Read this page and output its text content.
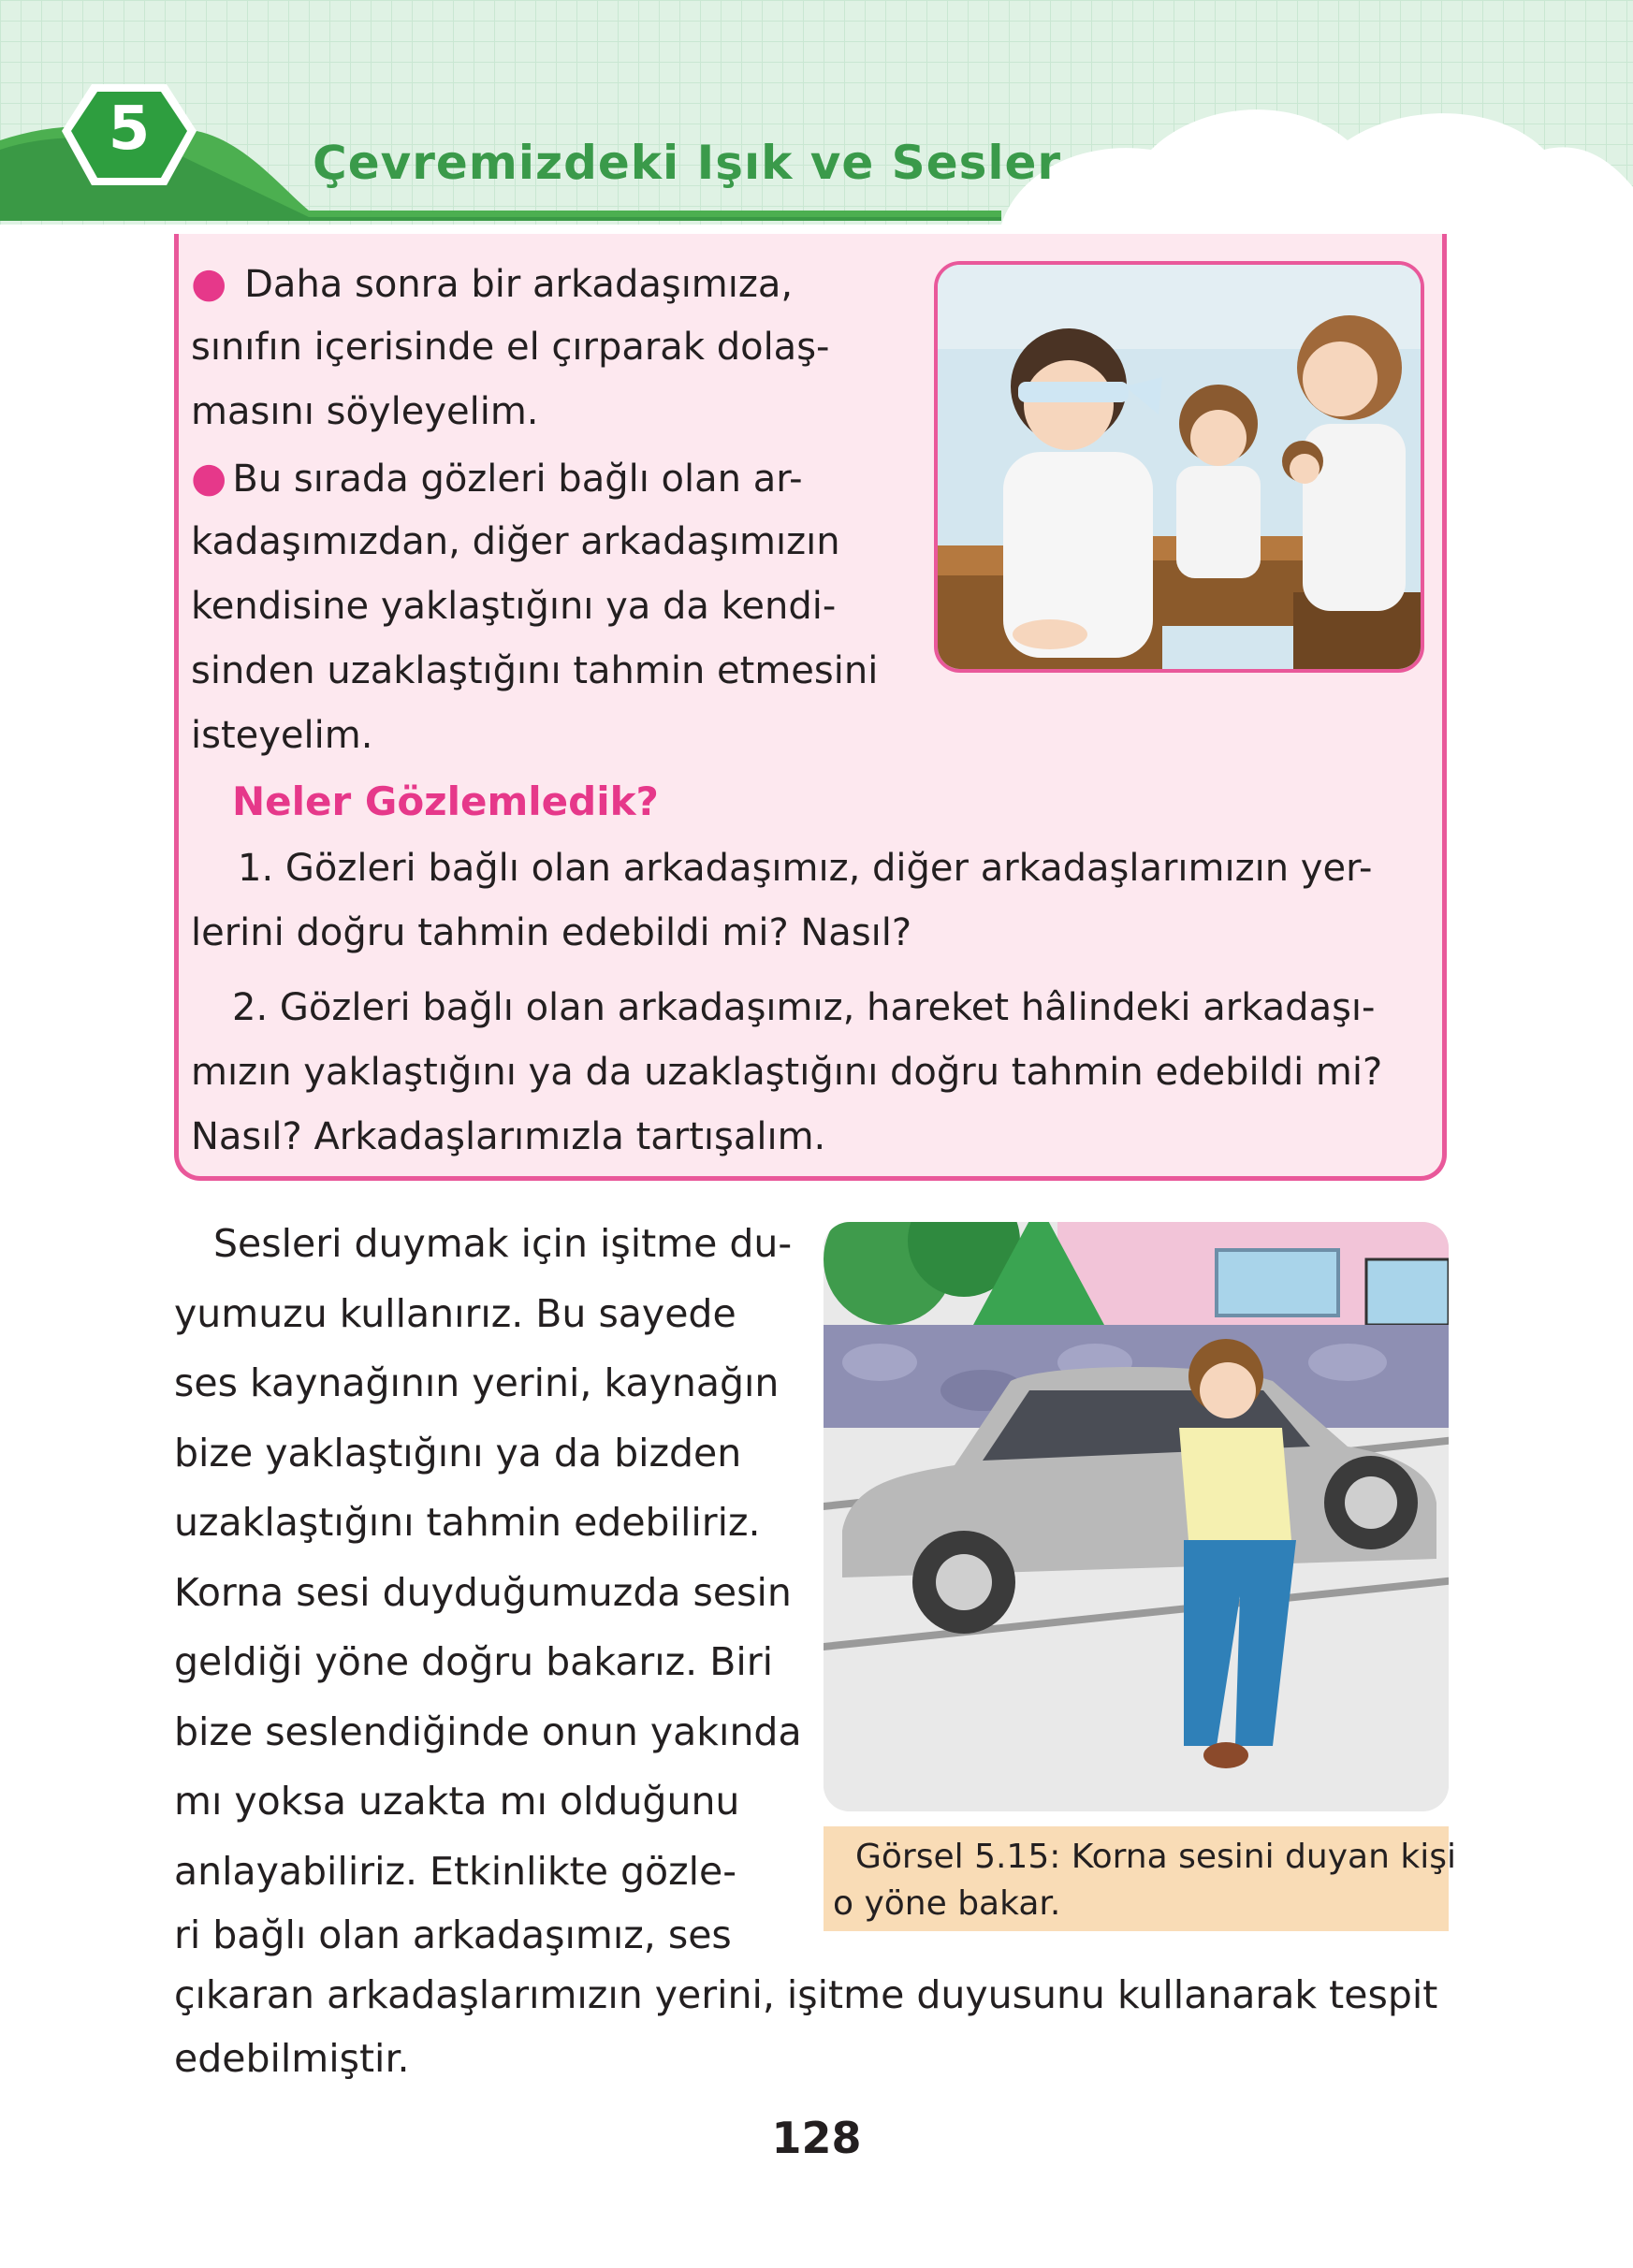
5	Çevremizdeki Işık ve Sesler
● Daha sonra bir arkadaşımıza,
sınıfın içerisinde el çırparak dolaş-
masını söyleyelim.
● Bu sırada gözleri bağlı olan ar-
kadaşımızdan, diğer arkadaşımızın
kendisine yaklaştığını ya da kendi-
sinden uzaklaştığını tahmin etmesini
isteyelim.
Neler Gözlemledik?
1. Gözleri bağlı olan arkadaşımız, diğer arkadaşlarımızın yer-
lerini doğru tahmin edebildi mi? Nasıl?
2. Gözleri bağlı olan arkadaşımız, hareket hâlindeki arkadaşı-
mızın yaklaştığını ya da uzaklaştığını doğru tahmin edebildi mi?
Nasıl? Arkadaşlarımızla tartışalım.
Sesleri duymak için işitme du-
yumuzu kullanırız. Bu sayede
ses kaynağının yerini, kaynağın
bize yaklaştığını ya da bizden
uzaklaştığını tahmin edebiliriz.
Korna sesi duyduğumuzda sesin
geldiği yöne doğru bakarız. Biri
bize seslendiğinde onun yakında
mı yoksa uzakta mı olduğunu
anlayabiliriz. Etkinlikte gözle-
ri bağlı olan arkadaşımız, ses
çıkaran arkadaşlarımızın yerini, işitme duyusunu kullanarak tespit
edebilmiştir.
Görsel 5.15: Korna sesini duyan kişi
o yöne bakar.
128
